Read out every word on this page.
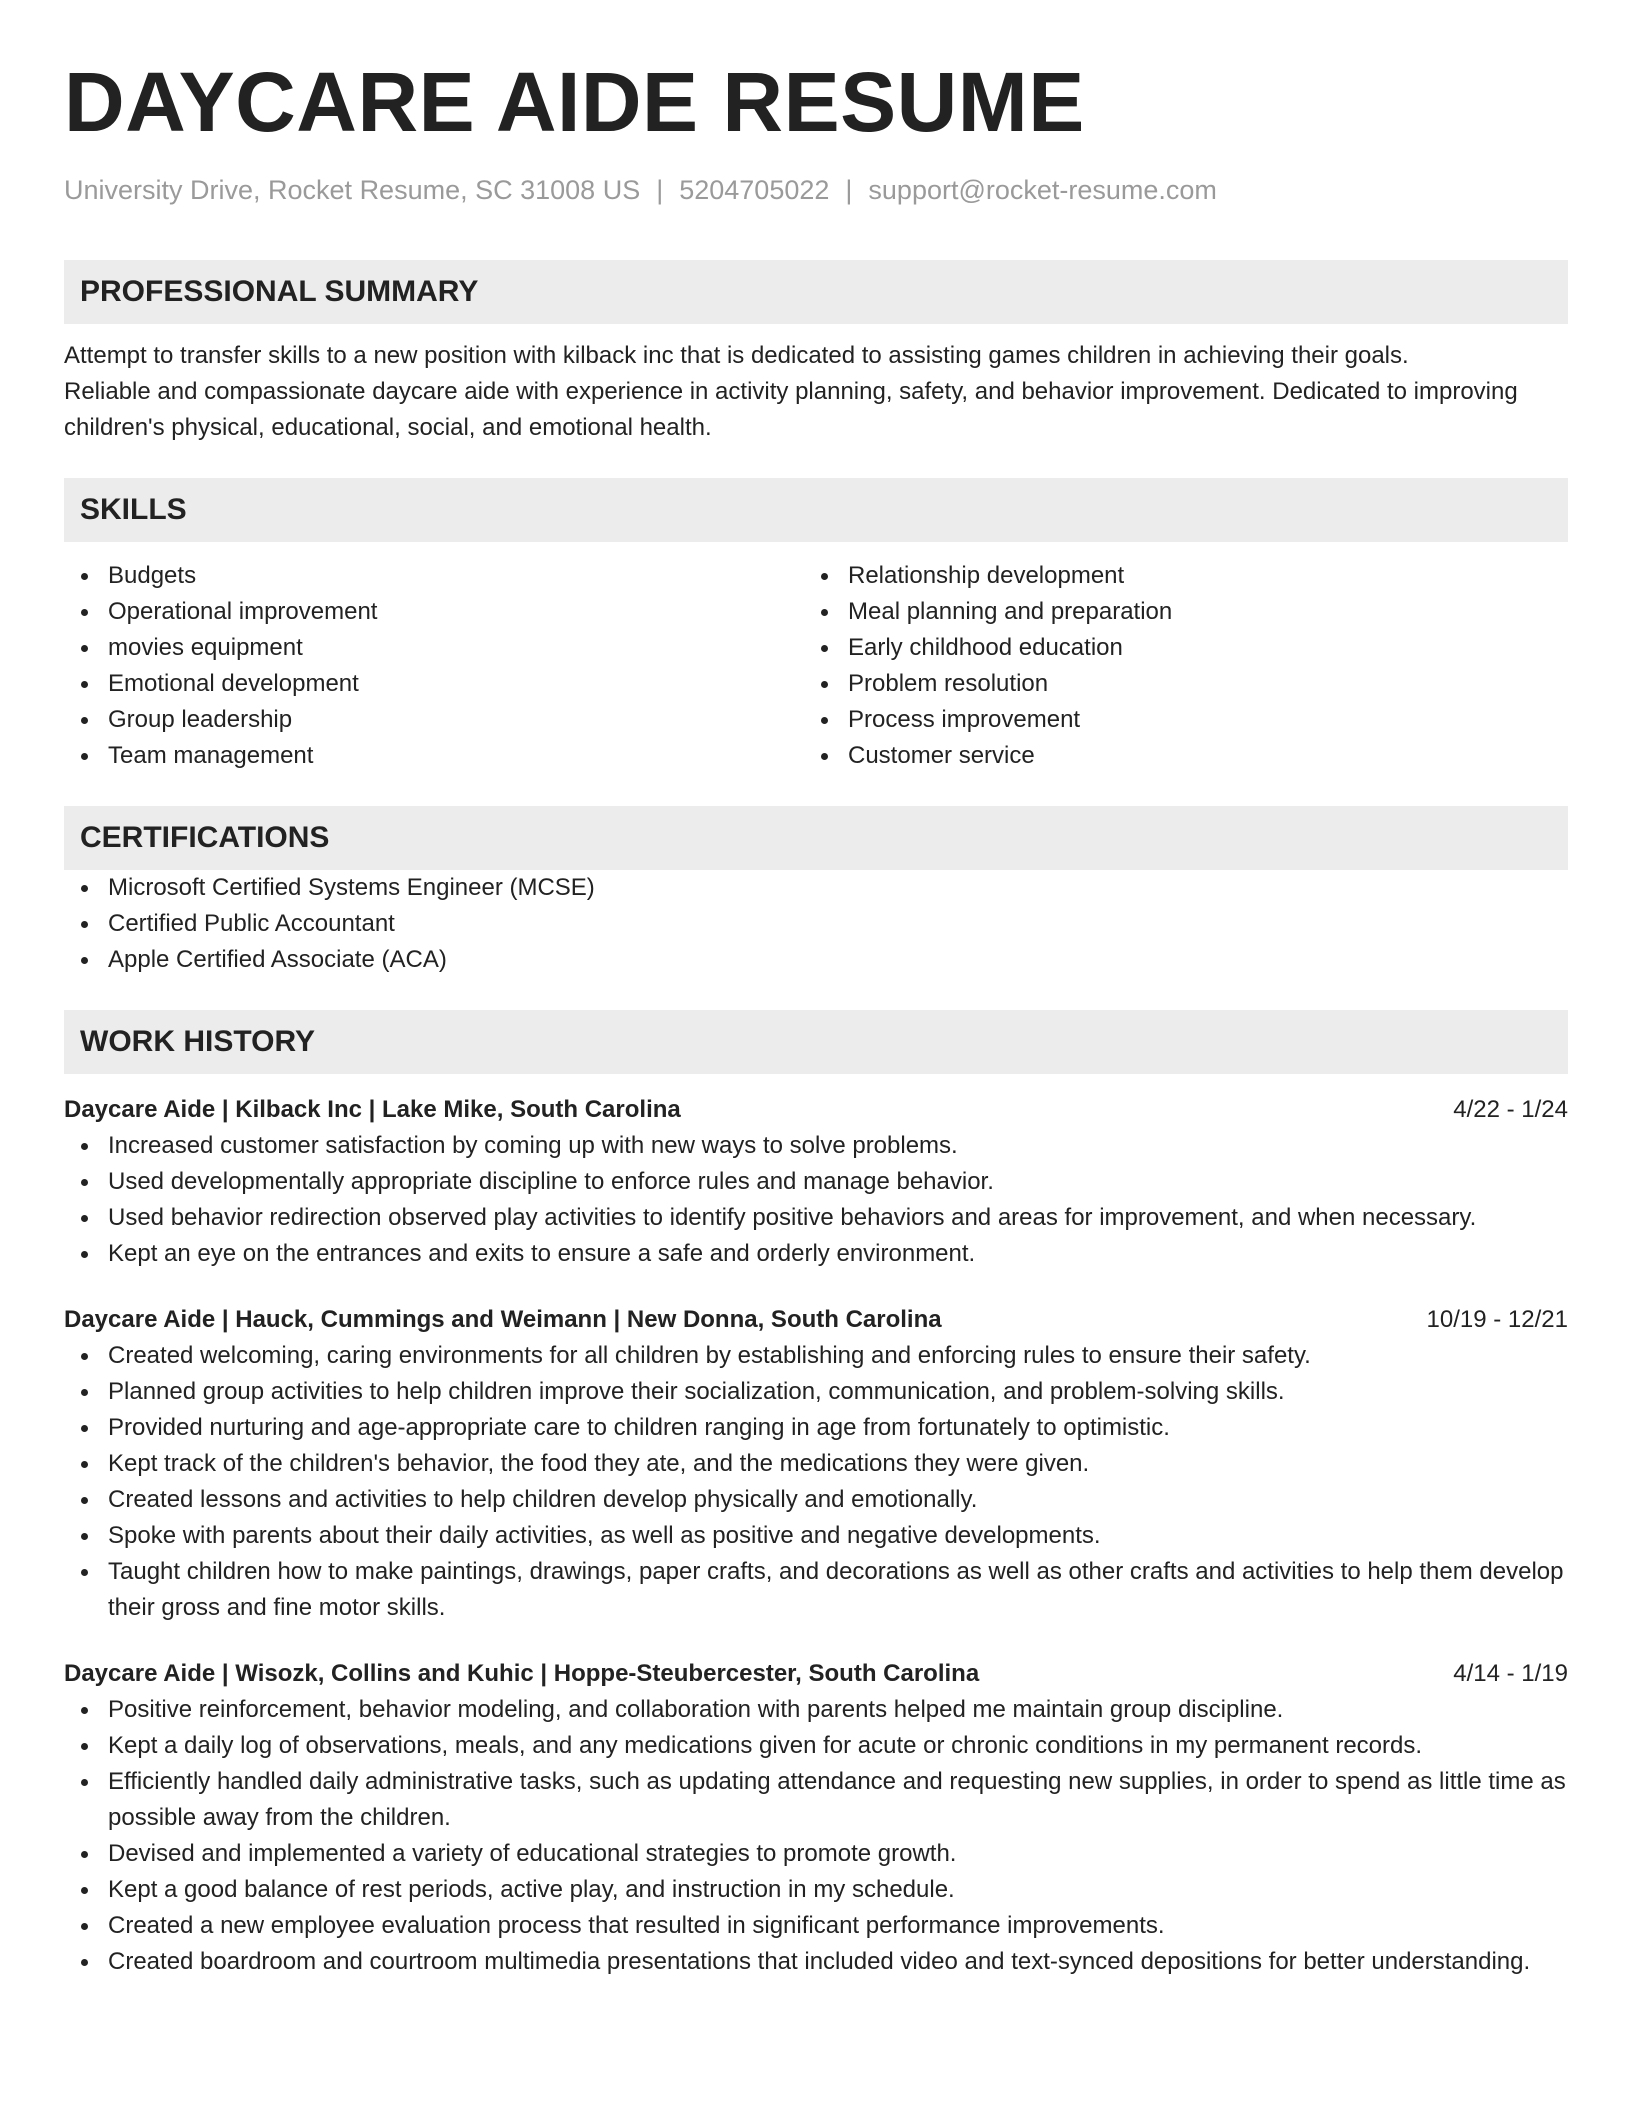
DAYCARE AIDE RESUME
University Drive, Rocket Resume, SC 31008 US | 5204705022 | support@rocket-resume.com
PROFESSIONAL SUMMARY

Attempt to transfer skills to a new position with kilback inc that is dedicated to assisting games children in achieving their goals.

Reliable and compassionate daycare aide with experience in activity planning, safety, and behavior improvement. Dedicated to improving children's physical, educational, social, and emotional health.

SKILLS
Budgets
Operational improvement
movies equipment
Emotional development
Group leadership
Team management
Relationship development
Meal planning and preparation
Early childhood education
Problem resolution
Process improvement
Customer service
CERTIFICATIONS
Microsoft Certified Systems Engineer (MCSE)
Certified Public Accountant
Apple Certified Associate (ACA)
WORK HISTORY
Daycare Aide | Kilback Inc | Lake Mike, South Carolina	4/22 - 1/24
Increased customer satisfaction by coming up with new ways to solve problems.
Used developmentally appropriate discipline to enforce rules and manage behavior.
Used behavior redirection observed play activities to identify positive behaviors and areas for improvement, and when necessary.
Kept an eye on the entrances and exits to ensure a safe and orderly environment.
Daycare Aide | Hauck, Cummings and Weimann | New Donna, South Carolina	10/19 - 12/21
Created welcoming, caring environments for all children by establishing and enforcing rules to ensure their safety.
Planned group activities to help children improve their socialization, communication, and problem-solving skills.
Provided nurturing and age-appropriate care to children ranging in age from fortunately to optimistic.
Kept track of the children's behavior, the food they ate, and the medications they were given.
Created lessons and activities to help children develop physically and emotionally.
Spoke with parents about their daily activities, as well as positive and negative developments.
Taught children how to make paintings, drawings, paper crafts, and decorations as well as other crafts and activities to help them develop their gross and fine motor skills.
Daycare Aide | Wisozk, Collins and Kuhic | Hoppe-Steubercester, South Carolina	4/14 - 1/19
Positive reinforcement, behavior modeling, and collaboration with parents helped me maintain group discipline.
Kept a daily log of observations, meals, and any medications given for acute or chronic conditions in my permanent records.
Efficiently handled daily administrative tasks, such as updating attendance and requesting new supplies, in order to spend as little time as possible away from the children.
Devised and implemented a variety of educational strategies to promote growth.
Kept a good balance of rest periods, active play, and instruction in my schedule.
Created a new employee evaluation process that resulted in significant performance improvements.
Created boardroom and courtroom multimedia presentations that included video and text-synced depositions for better understanding.
